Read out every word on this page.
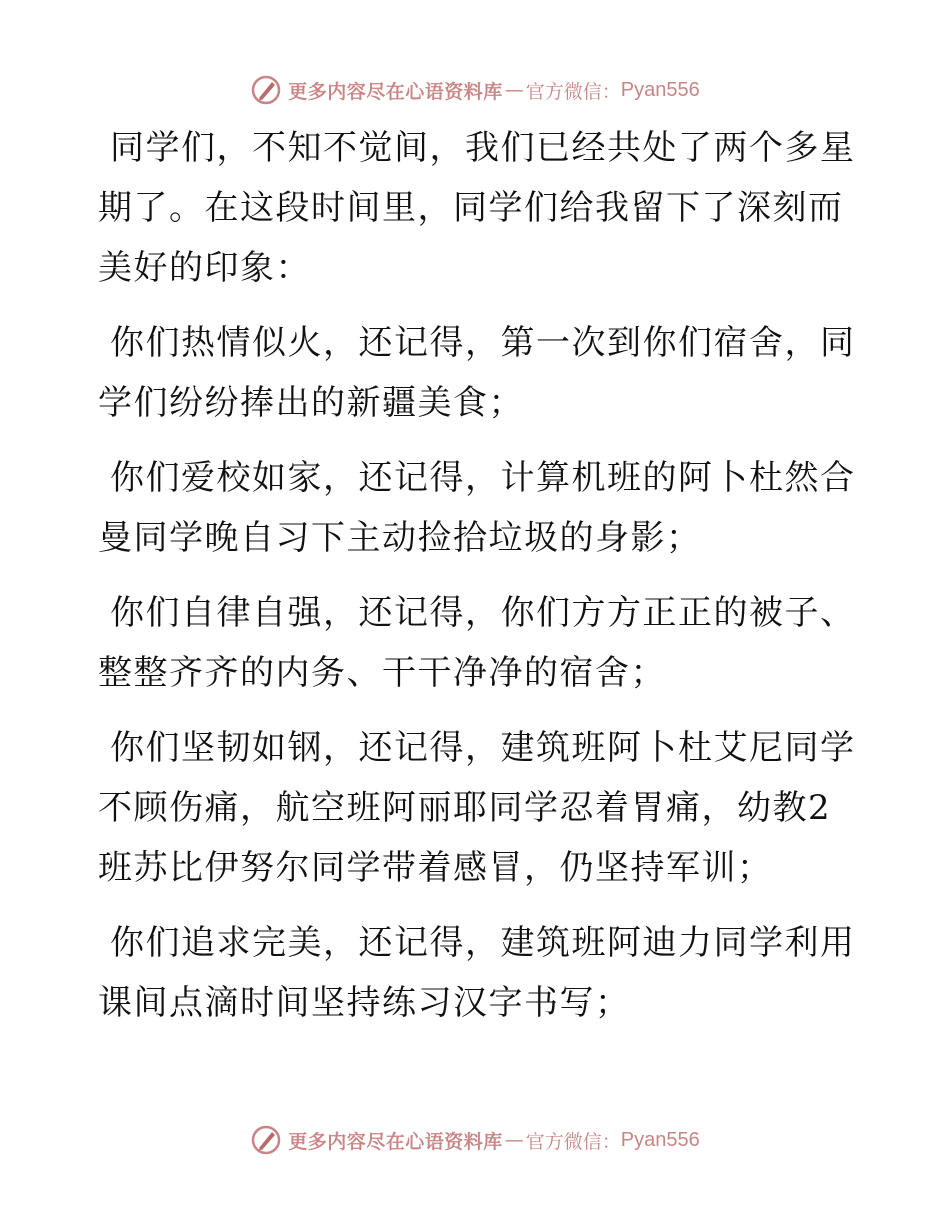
更多内容尽在心语资料库 — 官方微信： Pyan556

同学们，不知不觉间，我们已经共处了两个多星期了。在这段时间里，同学们给我留下了深刻而美好的印象：

你们热情似火，还记得，第一次到你们宿舍，同学们纷纷捧出的新疆美食；

你们爱校如家，还记得，计算机班的阿卜杜然合曼同学晚自习下主动捡拾垃圾的身影；

你们自律自强，还记得，你们方方正正的被子、整整齐齐的内务、干干净净的宿舍；

你们坚韧如钢，还记得，建筑班阿卜杜艾尼同学不顾伤痛，航空班阿丽耶同学忍着胃痛，幼教2班苏比伊努尔同学带着感冒，仍坚持军训；

你们追求完美，还记得，建筑班阿迪力同学利用课间点滴时间坚持练习汉字书写；

更多内容尽在心语资料库 — 官方微信： Pyan556
